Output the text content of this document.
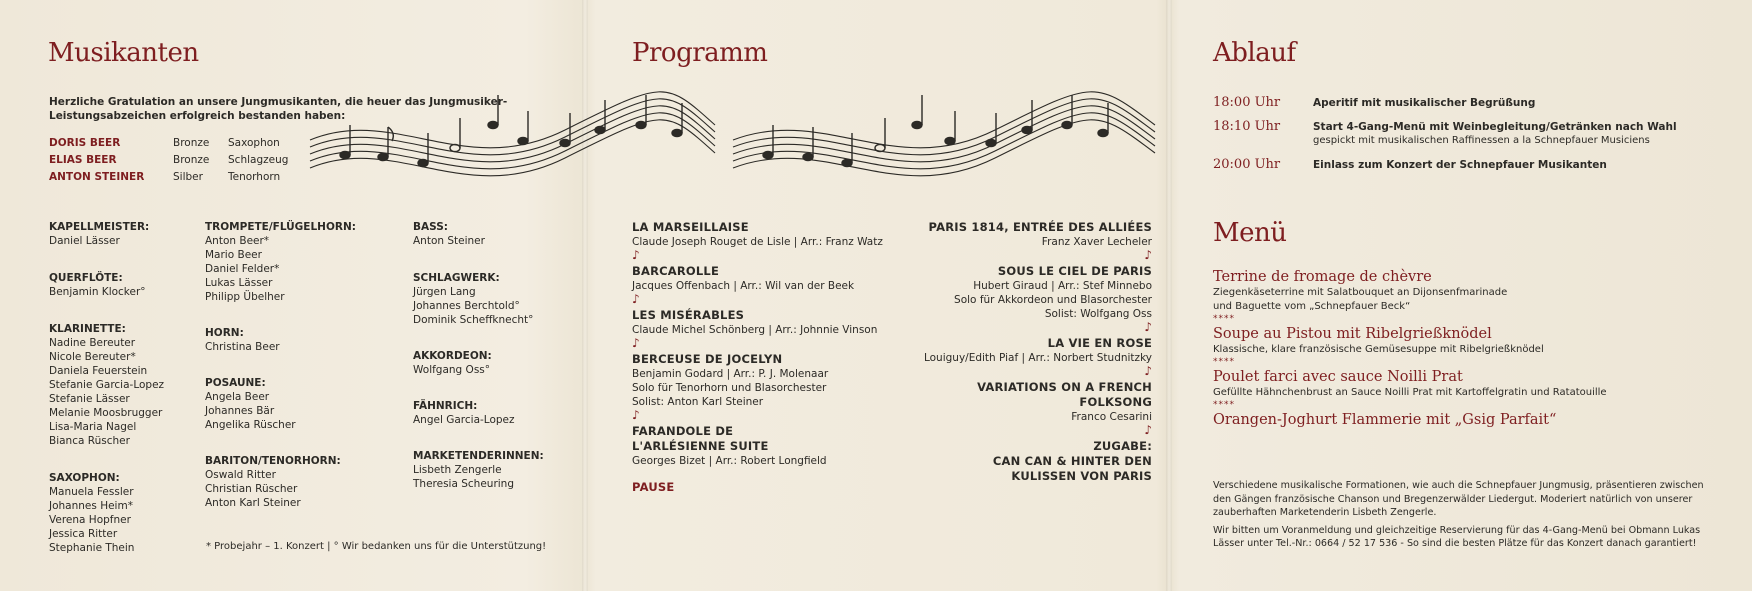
Musikanten
Herzliche Gratulation an unsere Jungmusikanten, die heuer das Jungmusiker-
Leistungsabzeichen erfolgreich bestanden haben:
DORIS BEER	Bronze Saxophon
ELIAS BEER	Bronze Schlagzeug
ANTON STEINER	Silber Tenorhorn
KAPELLMEISTER:
Daniel Lässer
QUERFLÖTE:
Benjamin Klocker°
KLARINETTE:
Nadine Bereuter
Nicole Bereuter*
Daniela Feuerstein
Stefanie Garcia-Lopez
Stefanie Lässer
Melanie Moosbrugger
Lisa-Maria Nagel
Bianca Rüscher
SAXOPHON:
Manuela Fessler
Johannes Heim*
Verena Hopfner
Jessica Ritter
Stephanie Thein
TROMPETE/FLÜGELHORN:
Anton Beer*
Mario Beer
Daniel Felder*
Lukas Lässer
Philipp Übelher
HORN:
Christina Beer
POSAUNE:
Angela Beer
Johannes Bär
Angelika Rüscher
BARITON/TENORHORN:
Oswald Ritter
Christian Rüscher
Anton Karl Steiner
BASS:
Anton Steiner
SCHLAGWERK:
Jürgen Lang
Johannes Berchtold°
Dominik Scheffknecht°
AKKORDEON:
Wolfgang Oss°
FÄHNRICH:
Angel Garcia-Lopez
MARKETENDERINNEN:
Lisbeth Zengerle
Theresia Scheuring
* Probejahr – 1. Konzert | ° Wir bedanken uns für die Unterstützung!
Programm
LA MARSEILLAISE
Claude Joseph Rouget de Lisle | Arr.: Franz Watz
♪
BARCAROLLE
Jacques Offenbach | Arr.: Wil van der Beek
♪
LES MISÉRABLES
Claude Michel Schönberg | Arr.: Johnnie Vinson
♪
BERCEUSE DE JOCELYN
Benjamin Godard | Arr.: P. J. Molenaar
Solo für Tenorhorn und Blasorchester
Solist: Anton Karl Steiner
♪
FARANDOLE DE
L'ARLÉSIENNE SUITE
Georges Bizet | Arr.: Robert Longfield
PAUSE
PARIS 1814, ENTRÉE DES ALLIÉES
Franz Xaver Lecheler
♪
SOUS LE CIEL DE PARIS
Hubert Giraud | Arr.: Stef Minnebo
Solo für Akkordeon und Blasorchester
Solist: Wolfgang Oss
♪
LA VIE EN ROSE
Louiguy/Edith Piaf | Arr.: Norbert Studnitzky
♪
VARIATIONS ON A FRENCH FOLKSONG
Franco Cesarini
♪
ZUGABE:
CAN CAN & HINTER DEN
KULISSEN VON PARIS
Ablauf
18:00 Uhr	Aperitif mit musikalischer Begrüßung
18:10 Uhr	Start 4-Gang-Menü mit Weinbegleitung/Getränken nach Wahl
gespickt mit musikalischen Raffinessen a la Schnepfauer Musiciens
20:00 Uhr	Einlass zum Konzert der Schnepfauer Musikanten
Menü
Terrine de fromage de chèvre
Ziegenkäseterrine mit Salatbouquet an Dijonsenfmarinade
und Baguette vom „Schnepfauer Beck“
****
Soupe au Pistou mit Ribelgrießknödel
Klassische, klare französische Gemüsesuppe mit Ribelgrießknödel
****
Poulet farci avec sauce Noilli Prat
Gefüllte Hähnchenbrust an Sauce Noilli Prat mit Kartoffelgratin und Ratatouille
****
Orangen-Joghurt Flammerie mit „Gsig Parfait“
Verschiedene musikalische Formationen, wie auch die Schnepfauer Jungmusig, präsentieren zwischen
den Gängen französische Chanson und Bregenzerwälder Liedergut. Moderiert natürlich von unserer
zauberhaften Marketenderin Lisbeth Zengerle.
Wir bitten um Voranmeldung und gleichzeitige Reservierung für das 4-Gang-Menü bei Obmann Lukas
Lässer unter Tel.-Nr.: 0664 / 52 17 536 - So sind die besten Plätze für das Konzert danach garantiert!
